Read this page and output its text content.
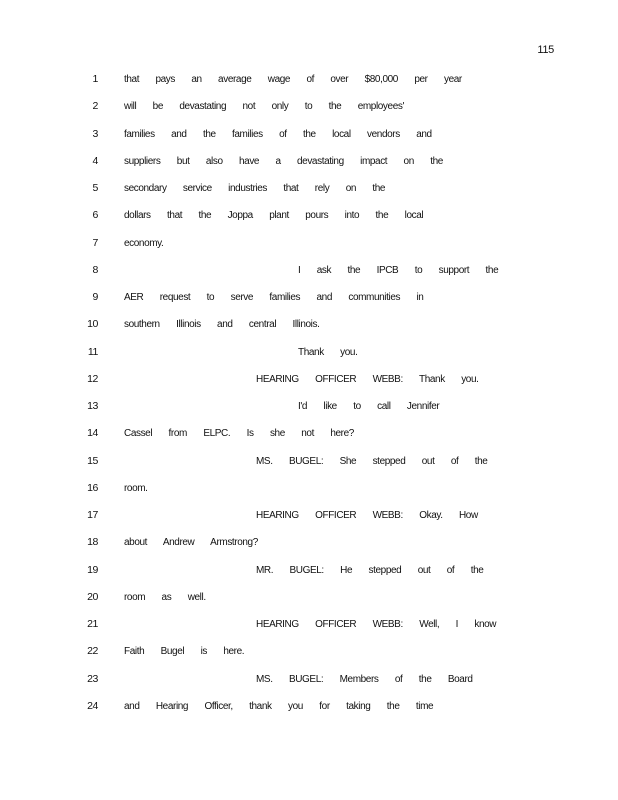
115
1	that pays an average wage of over $80,000 per year
2	will be devastating not only to the employees'
3	families and the families of the local vendors and
4	suppliers but also have a devastating impact on the
5	secondary service industries that rely on the
6	dollars that the Joppa plant pours into the local
7	economy.
8	I ask the IPCB to support the
9	AER request to serve families and communities in
10	southern Illinois and central Illinois.
11	Thank you.
12	HEARING OFFICER WEBB: Thank you.
13	I'd like to call Jennifer
14	Cassel from ELPC. Is she not here?
15	MS. BUGEL: She stepped out of the
16	room.
17	HEARING OFFICER WEBB: Okay. How
18	about Andrew Armstrong?
19	MR. BUGEL: He stepped out of the
20	room as well.
21	HEARING OFFICER WEBB: Well, I know
22	Faith Bugel is here.
23	MS. BUGEL: Members of the Board
24	and Hearing Officer, thank you for taking the time
